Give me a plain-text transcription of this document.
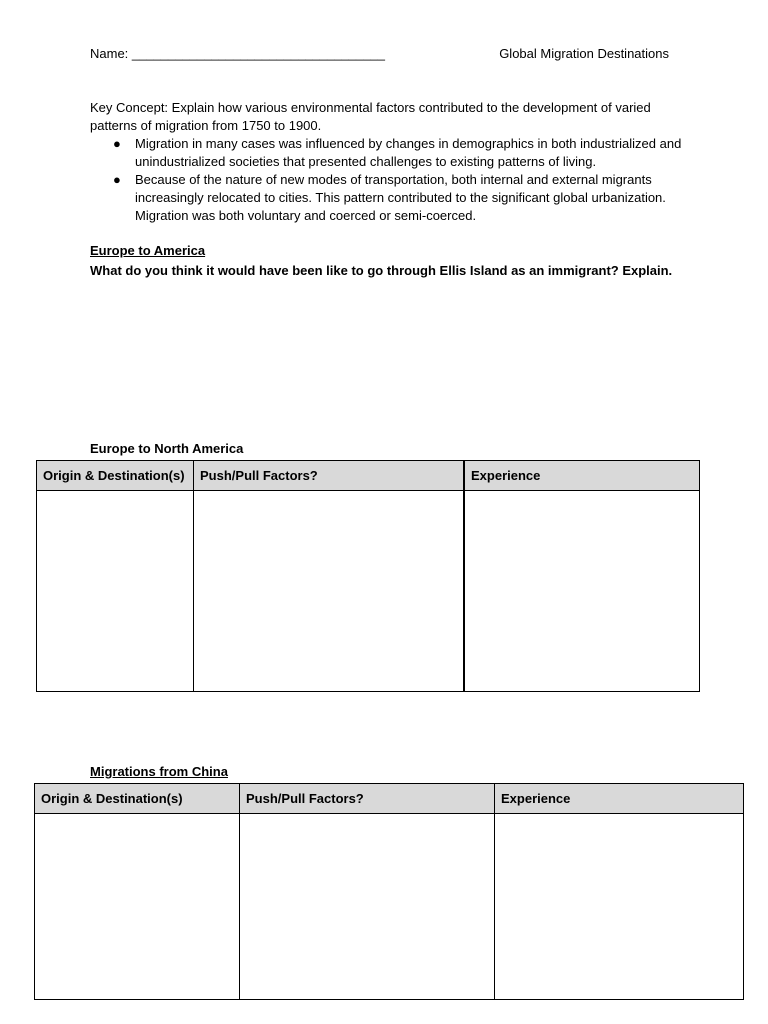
Name: ___________________________________	Global Migration Destinations
Key Concept: Explain how various environmental factors contributed to the development of varied patterns of migration from 1750 to 1900.
● Migration in many cases was influenced by changes in demographics in both industrialized and unindustrialized societies that presented challenges to existing patterns of living.
● Because of the nature of new modes of transportation, both internal and external migrants increasingly relocated to cities. This pattern contributed to the significant global urbanization. Migration was both voluntary and coerced or semi-coerced.
Europe to America
What do you think it would have been like to go through Ellis Island as an immigrant? Explain.
Europe to North America
Origin & Destination(s)	Push/Pull Factors?	Experience

Migrations from China
Origin & Destination(s)	Push/Pull Factors?	Experience
